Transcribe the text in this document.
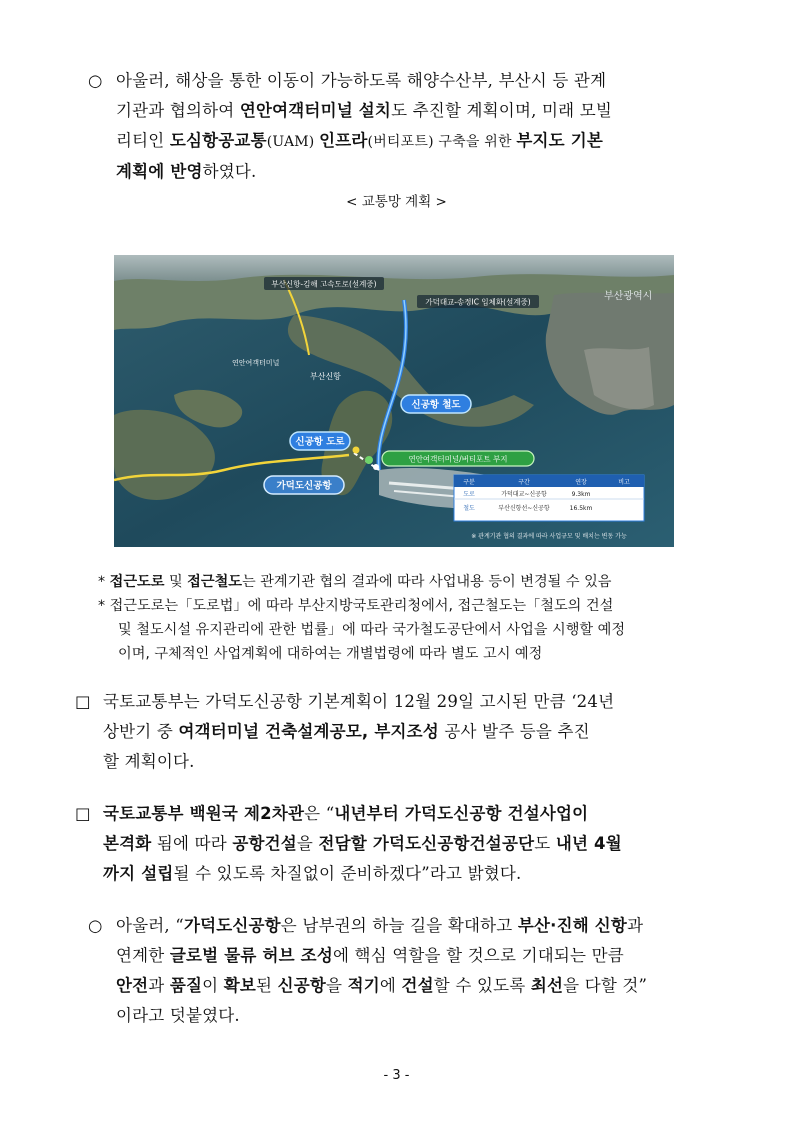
○ 아울러, 해상을 통한 이동이 가능하도록 해양수산부, 부산시 등 관계
기관과 협의하여 연안여객터미널 설치도 추진할 계획이며, 미래 모빌
리티인 도심항공교통(UAM) 인프라(버티포트) 구축을 위한 부지도 기본
계획에 반영하였다.
< 교통망 계획 >
부산신항-김해 고속도로(설계중)
가덕대교-송정IC 입체화(설계중)	부산광역시
부산신항
연안여객터미널
신공항 철도
신공항 도로
연안여객터미널/버티포트 부지
가덕도신공항	구분	구간	연장	비고
도로	가덕대교~신공항	9.3km
철도	부산신항선~신공항	16.5km
※ 관계기관 협의 결과에 따라 사업규모 및 배치는 변동 가능
* 접근도로 및 접근철도는 관계기관 협의 결과에 따라 사업내용 등이 변경될 수 있음
* 접근도로는「도로법」에 따라 부산지방국토관리청에서, 접근철도는「철도의 건설
및 철도시설 유지관리에 관한 법률」에 따라 국가철도공단에서 사업을 시행할 예정
이며, 구체적인 사업계획에 대하여는 개별법령에 따라 별도 고시 예정
□ 국토교통부는 가덕도신공항 기본계획이 12월 29일 고시된 만큼 ‘24년
상반기 중 여객터미널 건축설계공모, 부지조성 공사 발주 등을 추진
할 계획이다.
□ 국토교통부 백원국 제2차관은 “내년부터 가덕도신공항 건설사업이
본격화 됨에 따라 공항건설을 전담할 가덕도신공항건설공단도 내년 4월
까지 설립될 수 있도록 차질없이 준비하겠다”라고 밝혔다.
○ 아울러, “가덕도신공항은 남부권의 하늘 길을 확대하고 부산·진해 신항과
연계한 글로벌 물류 허브 조성에 핵심 역할을 할 것으로 기대되는 만큼
안전과 품질이 확보된 신공항을 적기에 건설할 수 있도록 최선을 다할 것”
이라고 덧붙였다.
- 3 -
